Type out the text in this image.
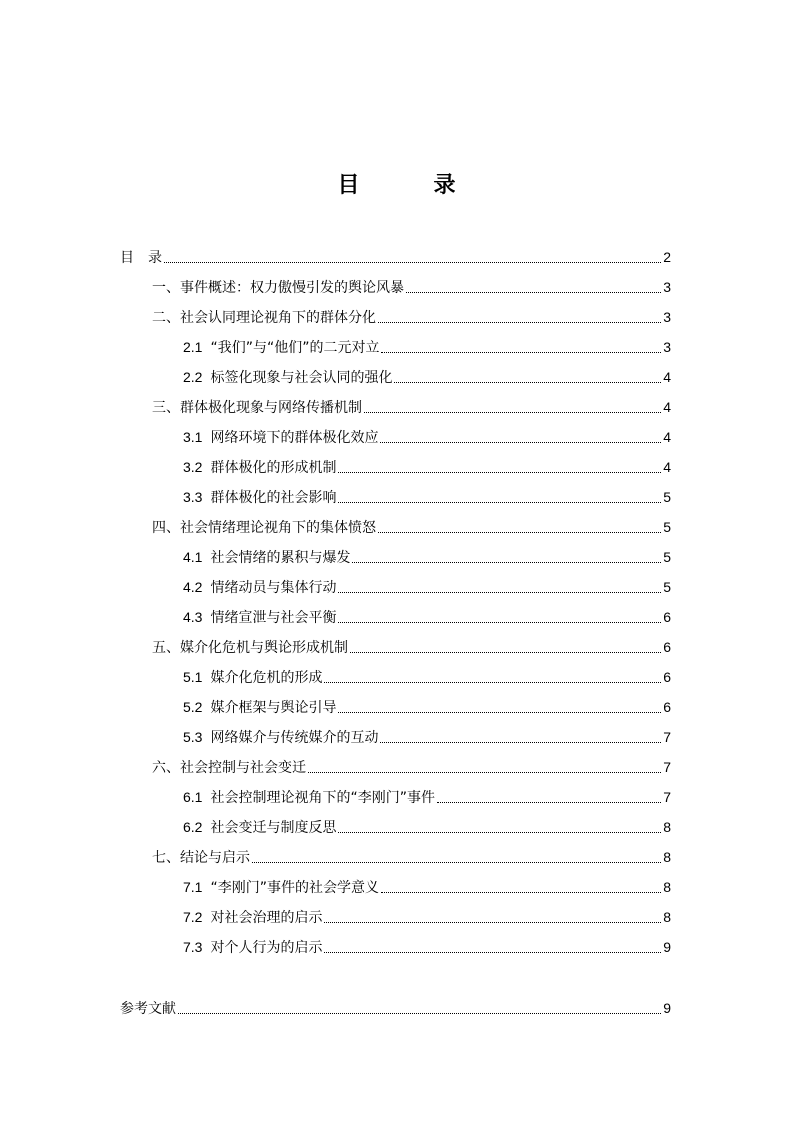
目　录
目　录	2
一、事件概述：权力傲慢引发的舆论风暴	3
二、社会认同理论视角下的群体分化	3
2.1 “我们”与“他们”的二元对立	3
2.2 标签化现象与社会认同的强化	4
三、群体极化现象与网络传播机制	4
3.1 网络环境下的群体极化效应	4
3.2 群体极化的形成机制	4
3.3 群体极化的社会影响	5
四、社会情绪理论视角下的集体愤怒	5
4.1 社会情绪的累积与爆发	5
4.2 情绪动员与集体行动	5
4.3 情绪宣泄与社会平衡	6
五、媒介化危机与舆论形成机制	6
5.1 媒介化危机的形成	6
5.2 媒介框架与舆论引导	6
5.3 网络媒介与传统媒介的互动	7
六、社会控制与社会变迁	7
6.1 社会控制理论视角下的“李刚门”事件	7
6.2 社会变迁与制度反思	8
七、结论与启示	8
7.1 “李刚门”事件的社会学意义	8
7.2 对社会治理的启示	8
7.3 对个人行为的启示	9
参考文献	9
